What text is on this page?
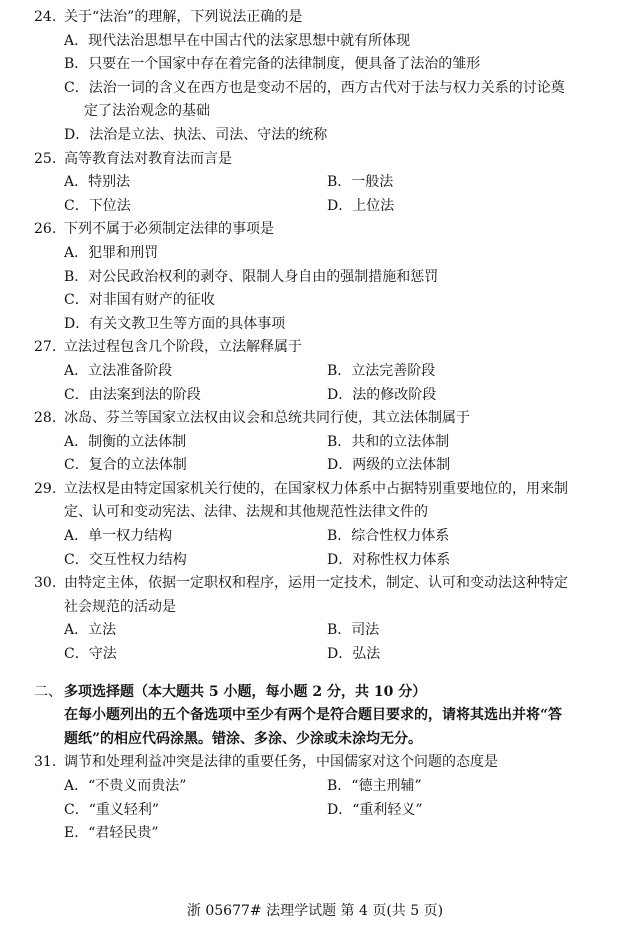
24. 关于“法治”的理解，下列说法正确的是
A．现代法治思想早在中国古代的法家思想中就有所体现
B．只要在一个国家中存在着完备的法律制度，便具备了法治的雏形
C．法治一词的含义在西方也是变动不居的，西方古代对于法与权力关系的讨论奠
定了法治观念的基础
D．法治是立法、执法、司法、守法的统称
25. 高等教育法对教育法而言是
A．特别法	B．一般法
C．下位法	D．上位法
26. 下列不属于必须制定法律的事项是
A．犯罪和刑罚
B．对公民政治权利的剥夺、限制人身自由的强制措施和惩罚
C．对非国有财产的征收
D．有关文教卫生等方面的具体事项
27. 立法过程包含几个阶段，立法解释属于
A．立法准备阶段	B．立法完善阶段
C．由法案到法的阶段	D．法的修改阶段
28. 冰岛、芬兰等国家立法权由议会和总统共同行使，其立法体制属于
A．制衡的立法体制	B．共和的立法体制
C．复合的立法体制	D．两级的立法体制
29. 立法权是由特定国家机关行使的，在国家权力体系中占据特别重要地位的，用来制
定、认可和变动宪法、法律、法规和其他规范性法律文件的
A．单一权力结构	B．综合性权力体系
C．交互性权力结构	D．对称性权力体系
30. 由特定主体，依据一定职权和程序，运用一定技术，制定、认可和变动法这种特定
社会规范的活动是
A．立法	B．司法
C．守法	D．弘法
二、 多项选择题（本大题共 5 小题，每小题 2 分，共 10 分）
在每小题列出的五个备选项中至少有两个是符合题目要求的，请将其选出并将“答
题纸”的相应代码涂黑。错涂、多涂、少涂或未涂均无分。
31. 调节和处理利益冲突是法律的重要任务，中国儒家对这个问题的态度是
A．“不贵义而贵法”	B．“德主刑辅”
C．“重义轻利”	D．“重利轻义”
E．“君轻民贵”
浙 05677# 法理学试题 第 4 页(共 5 页)
